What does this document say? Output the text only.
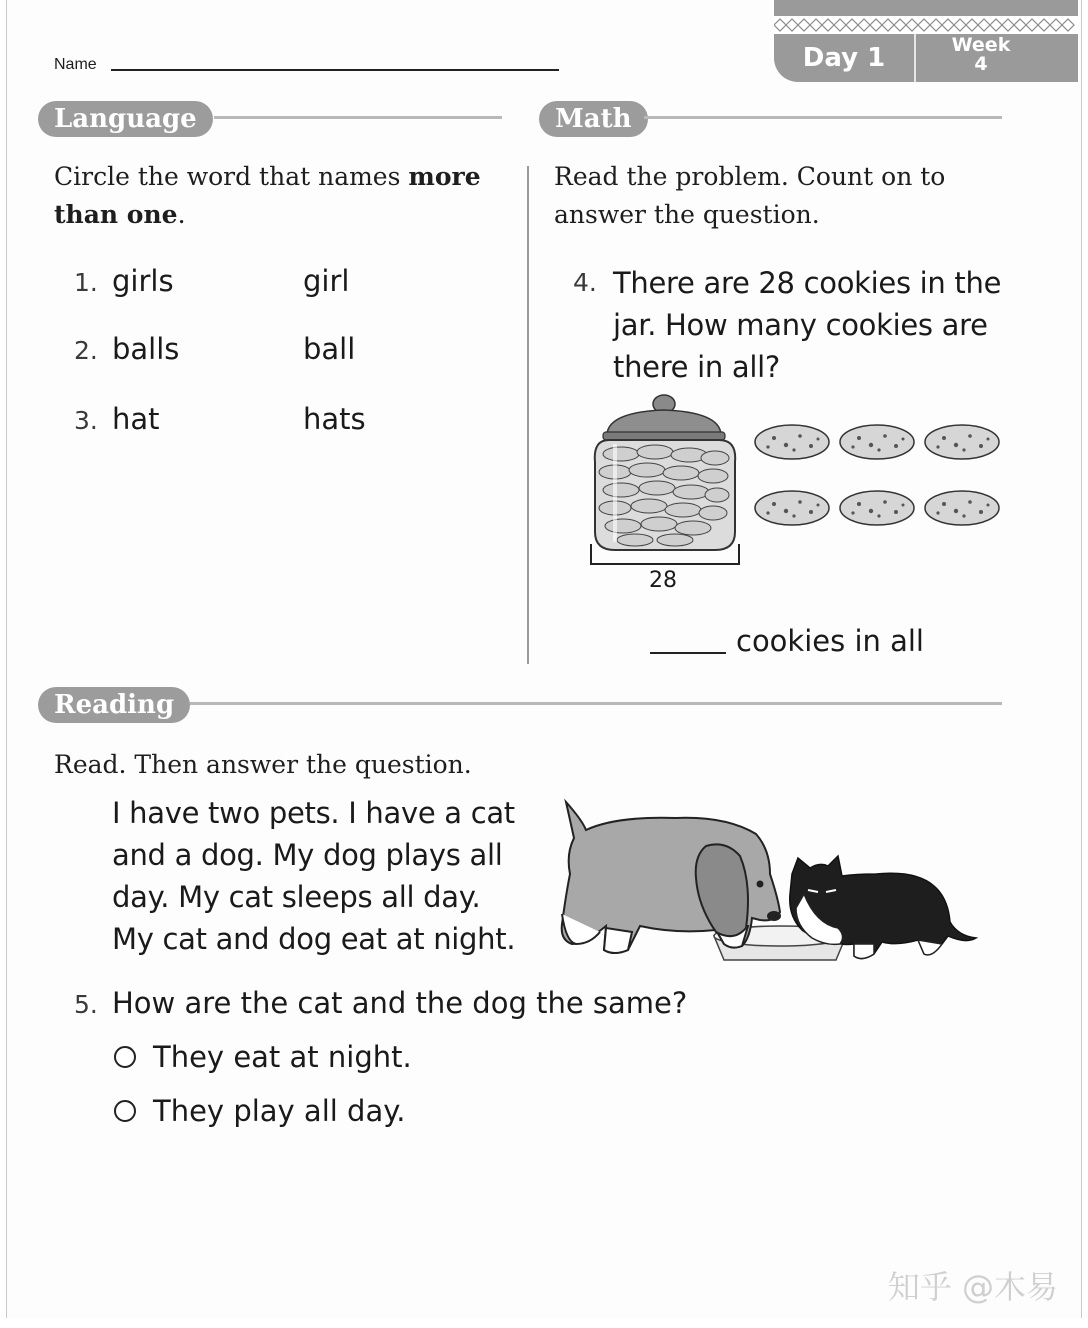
Day 1	Week
4
Name
Language
Circle the word that names more than one.
1. girls	girl
2. balls	ball
3. hat	hats
Math
Read the problem. Count on to answer the question.
4. There are 28 cookies in the
jar. How many cookies are
there in all?
28
cookies in all
Reading
Read. Then answer the question.
I have two pets. I have a cat
and a dog. My dog plays all
day. My cat sleeps all day.
My cat and dog eat at night.
5. How are the cat and the dog the same?
They eat at night.
They play all day.
知乎 @木易
